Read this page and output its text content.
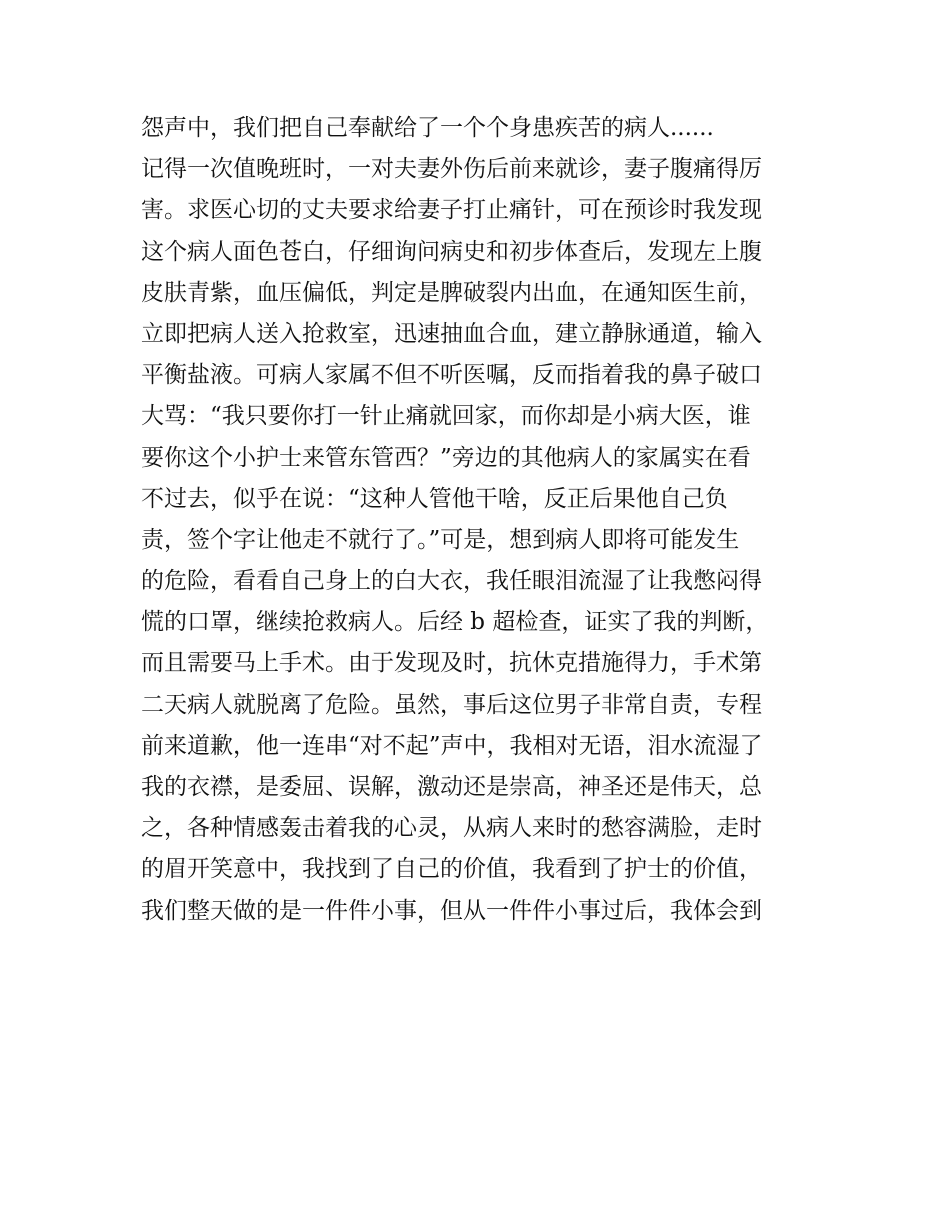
怨声中，我们把自己奉献给了一个个身患疾苦的病人......
记得一次值晚班时，一对夫妻外伤后前来就诊，妻子腹痛得厉
害。求医心切的丈夫要求给妻子打止痛针，可在预诊时我发现
这个病人面色苍白，仔细询问病史和初步体查后，发现左上腹
皮肤青紫，血压偏低，判定是脾破裂内出血，在通知医生前，
立即把病人送入抢救室，迅速抽血合血，建立静脉通道，输入
平衡盐液。可病人家属不但不听医嘱，反而指着我的鼻子破口
大骂：“我只要你打一针止痛就回家，而你却是小病大医，谁
要你这个小护士来管东管西？”旁边的其他病人的家属实在看
不过去，似乎在说：“这种人管他干啥，反正后果他自己负
责，签个字让他走不就行了。”可是，想到病人即将可能发生
的危险，看看自己身上的白大衣，我任眼泪流湿了让我憋闷得
慌的口罩，继续抢救病人。后经 b 超检查，证实了我的判断，
而且需要马上手术。由于发现及时，抗休克措施得力，手术第
二天病人就脱离了危险。虽然，事后这位男子非常自责，专程
前来道歉，他一连串“对不起”声中，我相对无语，泪水流湿了
我的衣襟，是委屈、误解，激动还是崇高，神圣还是伟天，总
之，各种情感轰击着我的心灵，从病人来时的愁容满脸，走时
的眉开笑意中，我找到了自己的价值，我看到了护士的价值，
我们整天做的是一件件小事，但从一件件小事过后，我体会到
